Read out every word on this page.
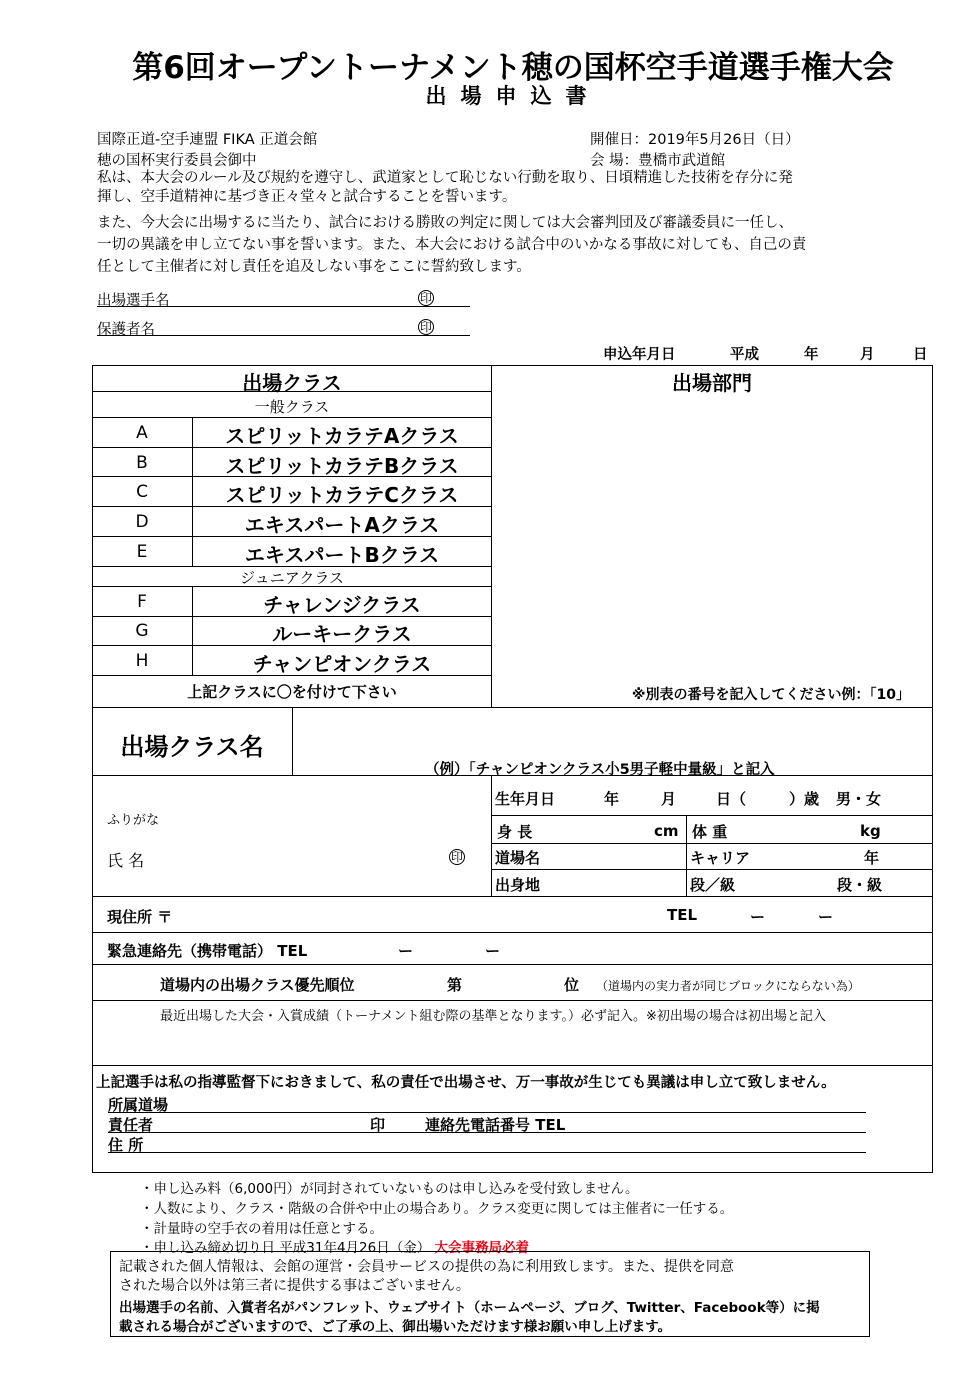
第6回オープントーナメント穂の国杯空手道選手権大会
出場申込書
国際正道-空手連盟 FIKA 正道会館
穂の国杯実行委員会御中
開催日：2019年5月26日（日）
会 場：豊橋市武道館
私は、本大会のルール及び規約を遵守し、武道家として恥じない行動を取り、日頃精進した技術を存分に発
揮し、空手道精神に基づき正々堂々と試合することを誓います。
また、今大会に出場するに当たり、試合における勝敗の判定に関しては大会審判団及び審議委員に一任し、
一切の異議を申し立てない事を誓います。また、本大会における試合中のいかなる事故に対しても、自己の責
任として主催者に対し責任を追及しない事をここに誓約致します。
出場選手名	印
保護者名	印
申込年月日	平成	年	月	日
出場クラス	出場部門
一般クラス
A	スピリットカラテAクラス
B	スピリットカラテBクラス
C	スピリットカラテCクラス
D	エキスパートAクラス
E	エキスパートBクラス
ジュニアクラス
F	チャレンジクラス
G	ルーキークラス
H	チャンピオンクラス
上記クラスに〇を付けて下さい	※別表の番号を記入してください例：「10」
出場クラス名
（例）「チャンピオンクラス小5男子軽中量級」と記入
ふりがな
氏 名	印
生年月日	年	月	日（	）歳 男・女
身 長	cm 体 重	kg
道場名	キャリア	年
出身地	段／級	段・級
現住所 〒	TEL	ー	ー
緊急連絡先（携帯電話） TEL	ー	ー
道場内の出場クラス優先順位	第	位 （道場内の実力者が同じブロックにならない為）
最近出場した大会・入賞成績（トーナメント組む際の基準となります。）必ず記入。※初出場の場合は初出場と記入
上記選手は私の指導監督下におきまして、私の責任で出場させ、万一事故が生じても異議は申し立て致しません。
所属道場
責任者	印	連絡先電話番号 TEL
住 所
・申し込み料（6,000円）が同封されていないものは申し込みを受付致しません。
・人数により、クラス・階級の合併や中止の場合あり。クラス変更に関しては主催者に一任する。
・計量時の空手衣の着用は任意とする。
・申し込み締め切り日 平成31年4月26日（金） 大会事務局必着
記載された個人情報は、会館の運営・会員サービスの提供の為に利用致します。また、提供を同意
された場合以外は第三者に提供する事はございません。
出場選手の名前、入賞者名がパンフレット、ウェブサイト（ホームページ、ブログ、Twitter、Facebook等）に掲
載される場合がございますので、ご了承の上、御出場いただけます様お願い申し上げます。
